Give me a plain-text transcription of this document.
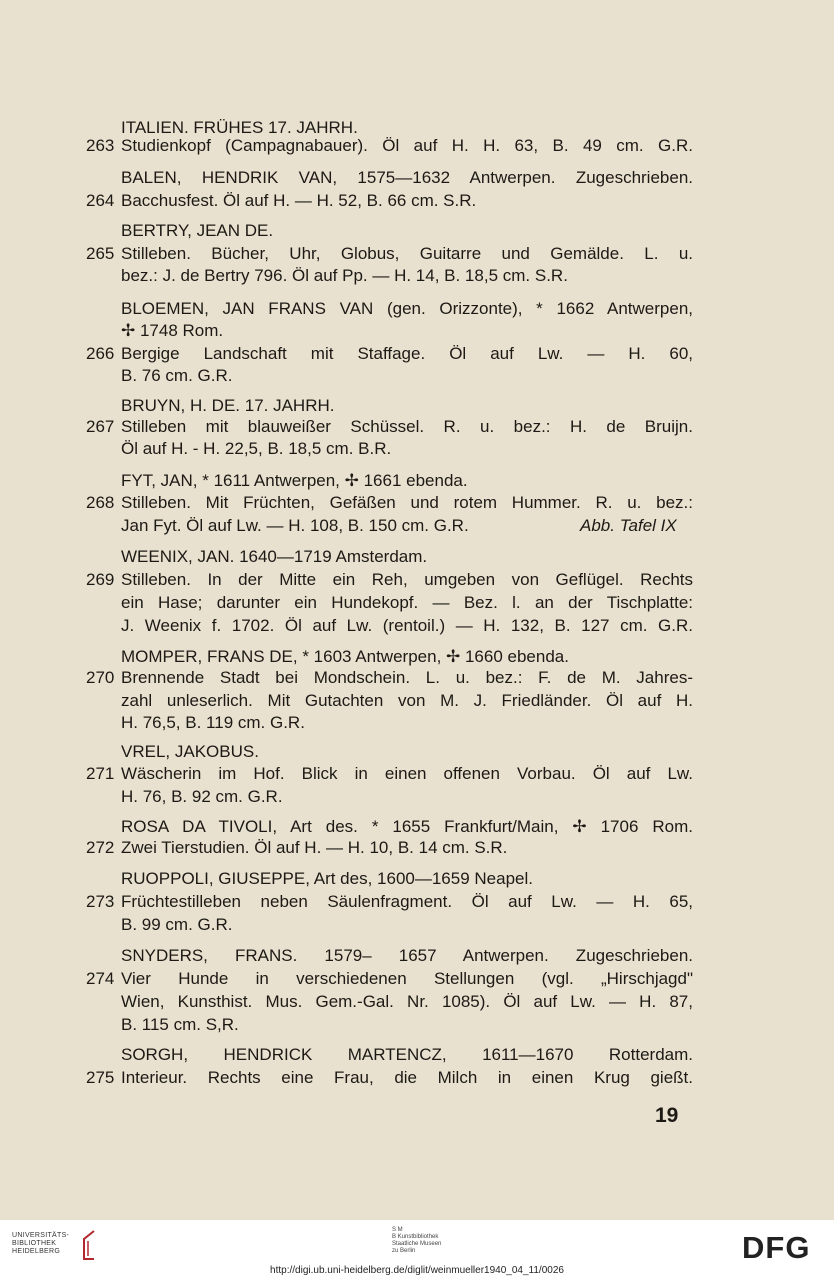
ITALIEN. FRÜHES 17. JAHRH.
263 Studienkopf (Campagnabauer). Öl auf H. H. 63, B. 49 cm. G.R.
BALEN, HENDRIK VAN, 1575—1632 Antwerpen. Zugeschrieben.
264 Bacchusfest. Öl auf H. — H. 52, B. 66 cm. S.R.
BERTRY, JEAN DE.
265 Stilleben. Bücher, Uhr, Globus, Guitarre und Gemälde. L. u.
bez.: J. de Bertry 796. Öl auf Pp. — H. 14, B. 18,5 cm. S.R.
BLOEMEN, JAN FRANS VAN (gen. Orizzonte), * 1662 Antwerpen,
✢ 1748 Rom.
266 Bergige Landschaft mit Staffage. Öl auf Lw. — H. 60,
B. 76 cm. G.R.
BRUYN, H. DE. 17. JAHRH.
267 Stilleben mit blauweißer Schüssel. R. u. bez.: H. de Bruijn.
Öl auf H. - H. 22,5, B. 18,5 cm. B.R.
FYT, JAN, * 1611 Antwerpen, ✢ 1661 ebenda.
268 Stilleben. Mit Früchten, Gefäßen und rotem Hummer. R. u. bez.:
Jan Fyt. Öl auf Lw. — H. 108, B. 150 cm. G.R.	Abb. Tafel IX
WEENIX, JAN. 1640—1719 Amsterdam.
269 Stilleben. In der Mitte ein Reh, umgeben von Geflügel. Rechts
ein Hase; darunter ein Hundekopf. — Bez. l. an der Tischplatte:
J. Weenix f. 1702. Öl auf Lw. (rentoil.) — H. 132, B. 127 cm. G.R.
MOMPER, FRANS DE, * 1603 Antwerpen, ✢ 1660 ebenda.
270 Brennende Stadt bei Mondschein. L. u. bez.: F. de M. Jahres-
zahl unleserlich. Mit Gutachten von M. J. Friedländer. Öl auf H.
H. 76,5, B. 119 cm. G.R.
VREL, JAKOBUS.
271 Wäscherin im Hof. Blick in einen offenen Vorbau. Öl auf Lw.
H. 76, B. 92 cm. G.R.
ROSA DA TIVOLI, Art des. * 1655 Frankfurt/Main, ✢ 1706 Rom.
272 Zwei Tierstudien. Öl auf H. — H. 10, B. 14 cm. S.R.
RUOPPOLI, GIUSEPPE, Art des, 1600—1659 Neapel.
273 Früchtestilleben neben Säulenfragment. Öl auf Lw. — H. 65,
B. 99 cm. G.R.
SNYDERS, FRANS. 1579– 1657 Antwerpen. Zugeschrieben.
274 Vier Hunde in verschiedenen Stellungen (vgl. „Hirschjagd"
Wien, Kunsthist. Mus. Gem.-Gal. Nr. 1085). Öl auf Lw. — H. 87,
B. 115 cm. S,R.
SORGH, HENDRICK MARTENCZ, 1611—1670 Rotterdam.
275 Interieur. Rechts eine Frau, die Milch in einen Krug gießt.
19
UNIVERSITÄTS-
BIBLIOTHEK
HEIDELBERG
S M
B Kunstbibliothek
Staatliche Museen
zu Berlin	DFG
http://digi.ub.uni-heidelberg.de/diglit/weinmueller1940_04_11/0026
